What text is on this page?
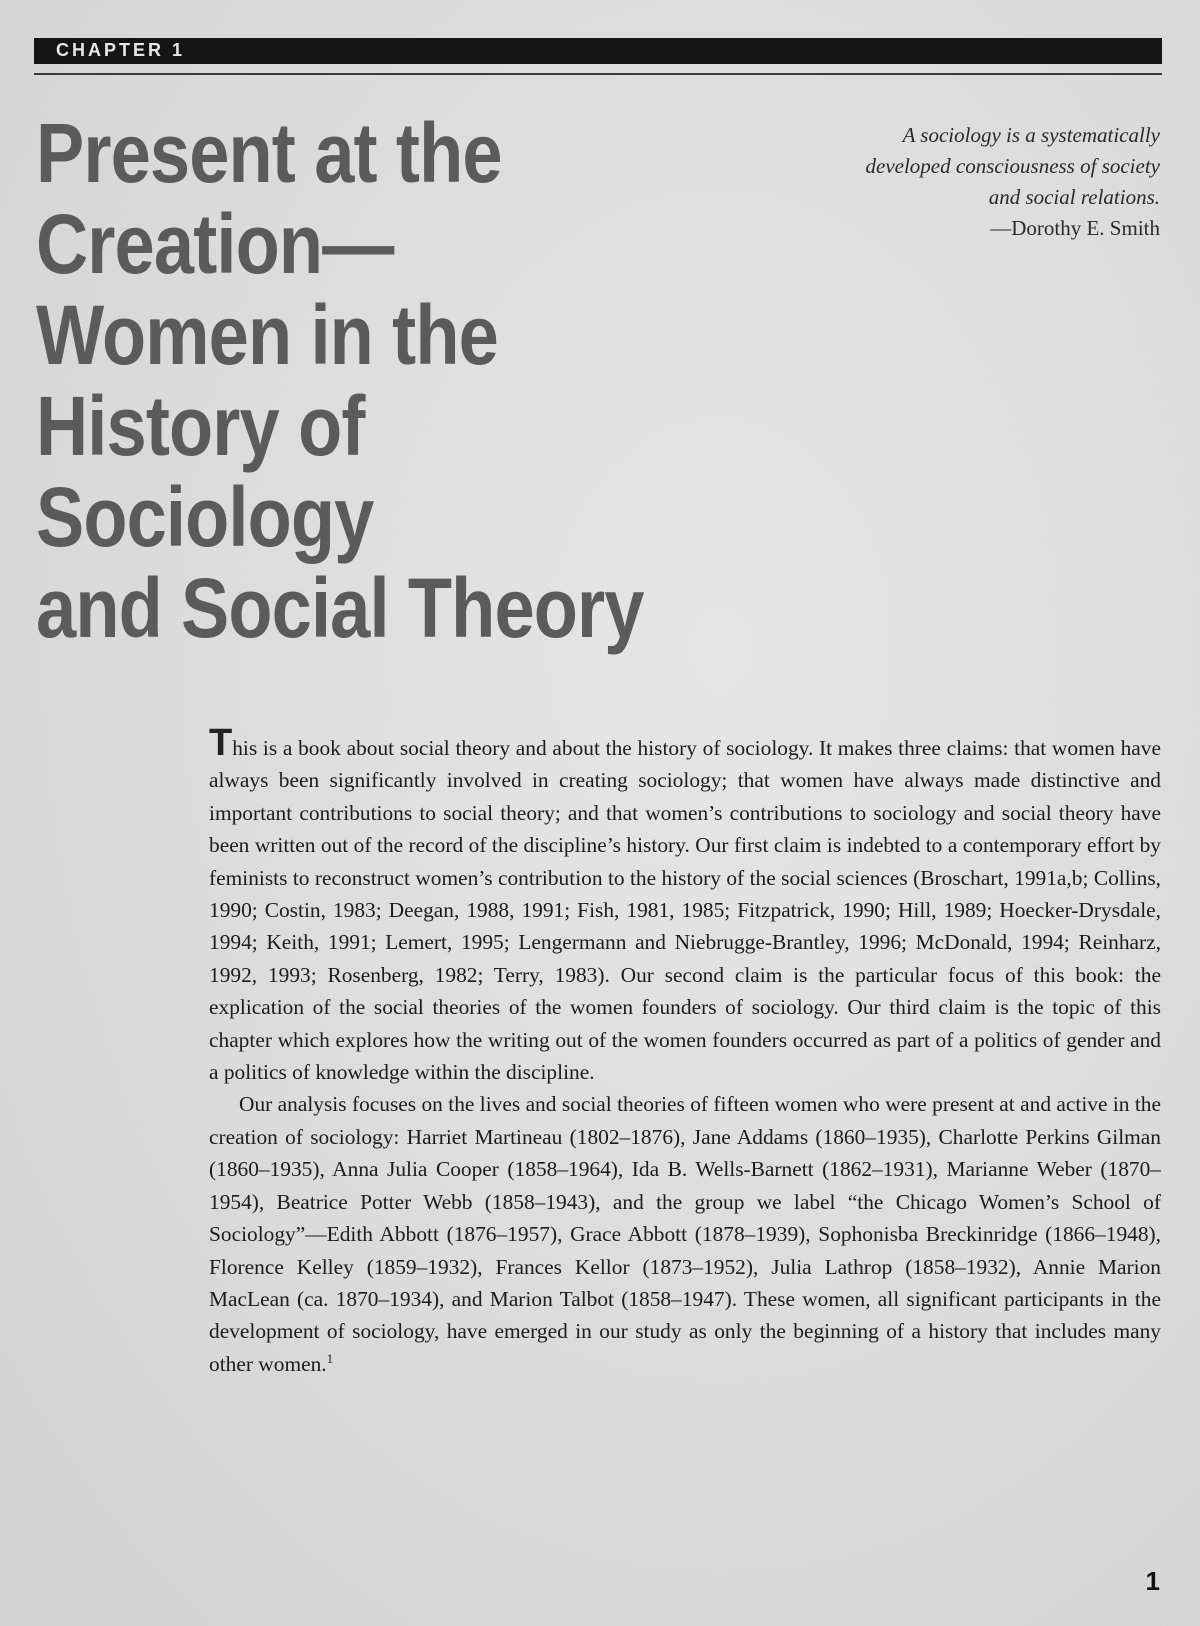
CHAPTER 1
Present at the
Creation—
Women in the
History of
Sociology
and Social Theory
A sociology is a systematically
developed consciousness of society
and social relations.
—Dorothy E. Smith

This is a book about social theory and about the history of sociology. It makes three claims: that women have always been significantly involved in creating sociology; that women have always made distinctive and important contributions to social theory; and that women’s contributions to sociology and social theory have been written out of the record of the discipline’s history. Our first claim is indebted to a contemporary effort by feminists to reconstruct women’s contribution to the history of the social sciences (Broschart, 1991a,b; Collins, 1990; Costin, 1983; Deegan, 1988, 1991; Fish, 1981, 1985; Fitzpatrick, 1990; Hill, 1989; Hoecker-Drysdale, 1994; Keith, 1991; Lemert, 1995; Lengermann and Niebrugge-Brantley, 1996; McDonald, 1994; Reinharz, 1992, 1993; Rosenberg, 1982; Terry, 1983). Our second claim is the particular focus of this book: the explication of the social theories of the women founders of sociology. Our third claim is the topic of this chapter which explores how the writing out of the women founders occurred as part of a politics of gender and a politics of knowledge within the discipline.

Our analysis focuses on the lives and social theories of fifteen women who were present at and active in the creation of sociology: Harriet Martineau (1802–1876), Jane Addams (1860–1935), Charlotte Perkins Gilman (1860–1935), Anna Julia Cooper (1858–1964), Ida B. Wells-Barnett (1862–1931), Marianne Weber (1870–1954), Beatrice Potter Webb (1858–1943), and the group we label “the Chicago Women’s School of Sociology”—Edith Abbott (1876–1957), Grace Abbott (1878–1939), Sophonisba Breckinridge (1866–1948), Florence Kelley (1859–1932), Frances Kellor (1873–1952), Julia Lathrop (1858–1932), Annie Marion MacLean (ca. 1870–1934), and Marion Talbot (1858–1947). These women, all significant participants in the development of sociology, have emerged in our study as only the beginning of a history that includes many other women.$^1$

1
